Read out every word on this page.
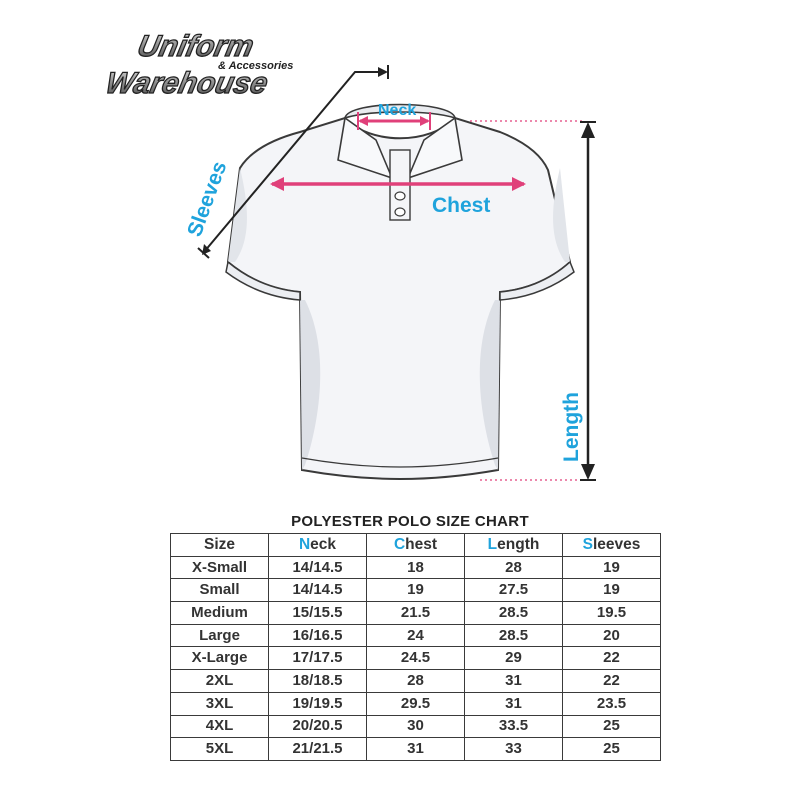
Uniform
& Accessories
Warehouse
Neck
Chest
Sleeves
Length
POLYESTER POLO SIZE CHART
Size	Neck	Chest	Length	Sleeves
X-Small	14/14.5	18	28	19
Small	14/14.5	19	27.5	19
Medium	15/15.5	21.5	28.5	19.5
Large	16/16.5	24	28.5	20
X-Large	17/17.5	24.5	29	22
2XL	18/18.5	28	31	22
3XL	19/19.5	29.5	31	23.5
4XL	20/20.5	30	33.5	25
5XL	21/21.5	31	33	25
